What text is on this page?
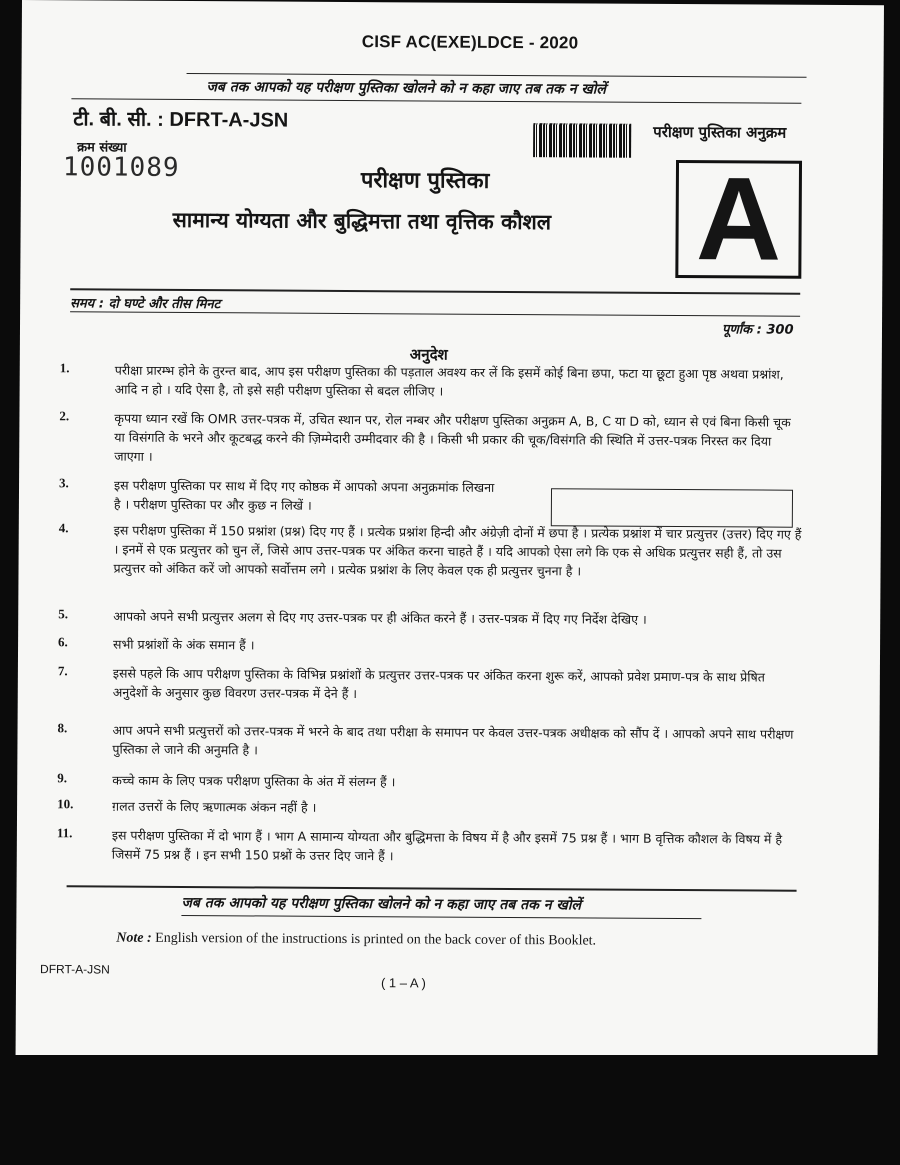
CISF AC(EXE)LDCE - 2020
जब तक आपको यह परीक्षण पुस्तिका खोलने को न कहा जाए तब तक न खोलें
टी. बी. सी. : DFRT-A-JSN
परीक्षण पुस्तिका अनुक्रम
क्रम संख्या
1001089	परीक्षण पुस्तिका
सामान्य योग्यता और बुद्धिमत्ता तथा वृत्तिक कौशल A
समय : दो घण्टे और तीस मिनट
पूर्णांक : 300
अनुदेश
1.	परीक्षा प्रारम्भ होने के तुरन्त बाद, आप इस परीक्षण पुस्तिका की पड़ताल अवश्य कर लें कि इसमें कोई बिना छपा, फटा या छूटा हुआ पृष्ठ अथवा प्रश्नांश, आदि न हो । यदि ऐसा है, तो इसे सही परीक्षण पुस्तिका से बदल लीजिए ।
2.	कृपया ध्यान रखें कि OMR उत्तर-पत्रक में, उचित स्थान पर, रोल नम्बर और परीक्षण पुस्तिका अनुक्रम A, B, C या D को, ध्यान से एवं बिना किसी चूक या विसंगति के भरने और कूटबद्ध करने की ज़िम्मेदारी उम्मीदवार की है । किसी भी प्रकार की चूक/विसंगति की स्थिति में उत्तर-पत्रक निरस्त कर दिया जाएगा ।
3.	इस परीक्षण पुस्तिका पर साथ में दिए गए कोष्ठक में आपको अपना अनुक्रमांक लिखना है । परीक्षण पुस्तिका पर और कुछ न लिखें ।
4.	इस परीक्षण पुस्तिका में 150 प्रश्नांश (प्रश्न) दिए गए हैं । प्रत्येक प्रश्नांश हिन्दी और अंग्रेज़ी दोनों में छपा है । प्रत्येक प्रश्नांश में चार प्रत्युत्तर (उत्तर) दिए गए हैं । इनमें से एक प्रत्युत्तर को चुन लें, जिसे आप उत्तर-पत्रक पर अंकित करना चाहते हैं । यदि आपको ऐसा लगे कि एक से अधिक प्रत्युत्तर सही हैं, तो उस प्रत्युत्तर को अंकित करें जो आपको सर्वोत्तम लगे । प्रत्येक प्रश्नांश के लिए केवल एक ही प्रत्युत्तर चुनना है ।
5.	आपको अपने सभी प्रत्युत्तर अलग से दिए गए उत्तर-पत्रक पर ही अंकित करने हैं । उत्तर-पत्रक में दिए गए निर्देश देखिए ।
6.	सभी प्रश्नांशों के अंक समान हैं ।
7.	इससे पहले कि आप परीक्षण पुस्तिका के विभिन्न प्रश्नांशों के प्रत्युत्तर उत्तर-पत्रक पर अंकित करना शुरू करें, आपको प्रवेश प्रमाण-पत्र के साथ प्रेषित अनुदेशों के अनुसार कुछ विवरण उत्तर-पत्रक में देने हैं ।
8.	आप अपने सभी प्रत्युत्तरों को उत्तर-पत्रक में भरने के बाद तथा परीक्षा के समापन पर केवल उत्तर-पत्रक अधीक्षक को सौंप दें । आपको अपने साथ परीक्षण पुस्तिका ले जाने की अनुमति है ।
9.	कच्चे काम के लिए पत्रक परीक्षण पुस्तिका के अंत में संलग्न हैं ।
10.	ग़लत उत्तरों के लिए ऋणात्मक अंकन नहीं है ।
11.	इस परीक्षण पुस्तिका में दो भाग हैं । भाग A सामान्य योग्यता और बुद्धिमत्ता के विषय में है और इसमें 75 प्रश्न हैं । भाग B वृत्तिक कौशल के विषय में है जिसमें 75 प्रश्न हैं । इन सभी 150 प्रश्नों के उत्तर दिए जाने हैं ।
जब तक आपको यह परीक्षण पुस्तिका खोलने को न कहा जाए तब तक न खोलें
Note : English version of the instructions is printed on the back cover of this Booklet.
DFRT-A-JSN
( 1 – A )
